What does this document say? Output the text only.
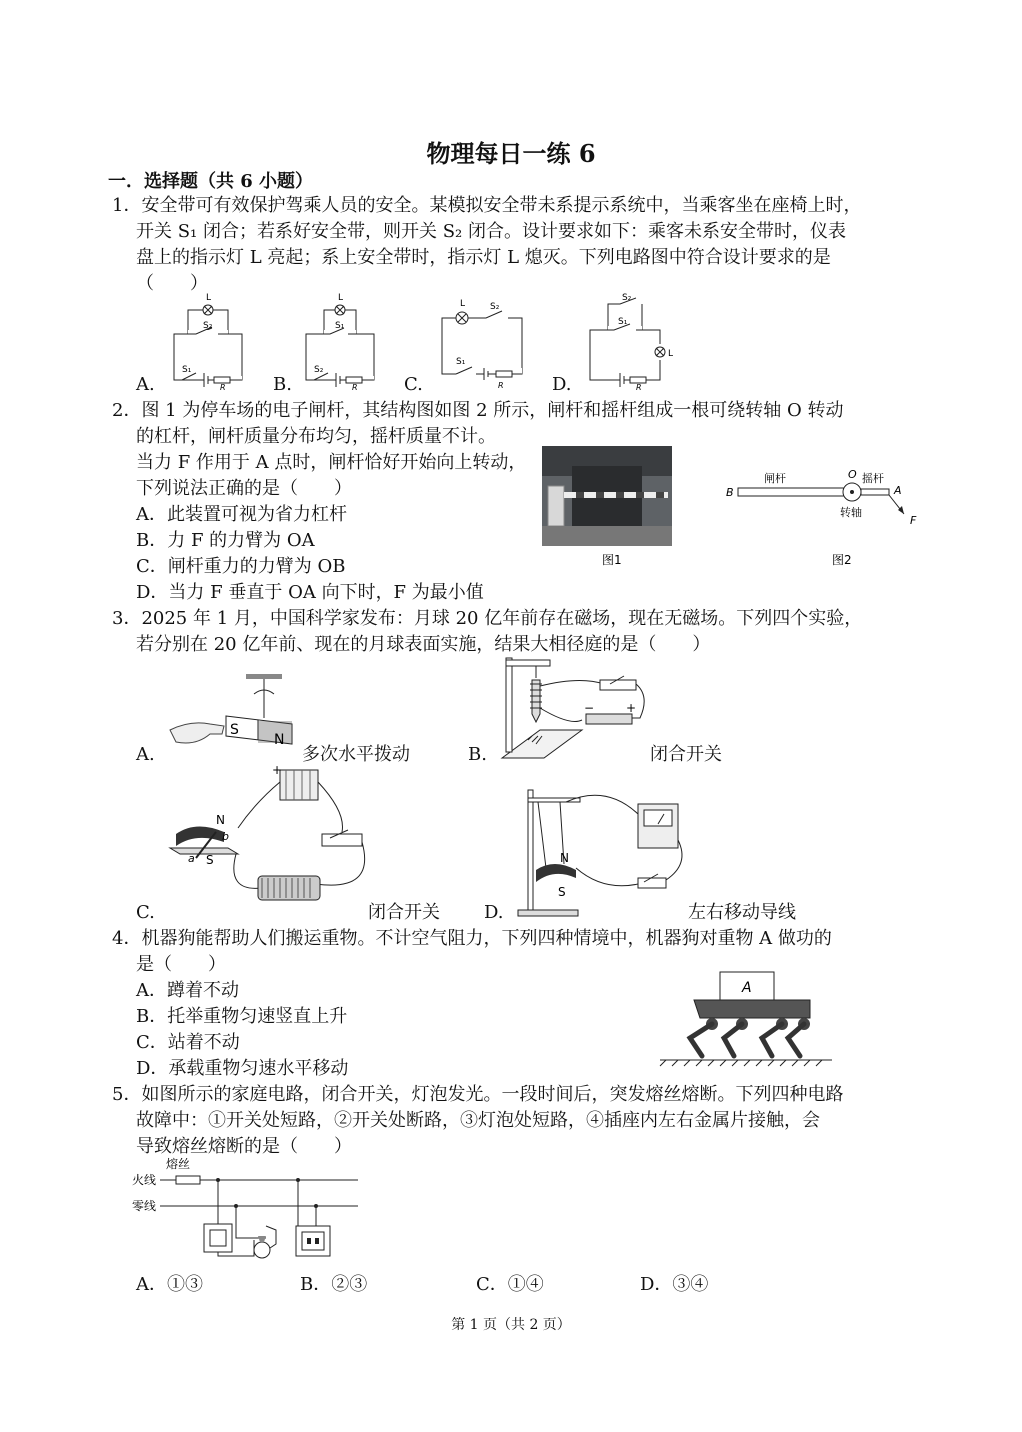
物理每日一练 6
一．选择题（共 6 小题）
1．安全带可有效保护驾乘人员的安全。某模拟安全带未系提示系统中，当乘客坐在座椅上时，
开关 S₁ 闭合；若系好安全带，则开关 S₂ 闭合。设计要求如下：乘客未系安全带时，仪表
盘上的指示灯 L 亮起；系上安全带时，指示灯 L 熄灭。下列电路图中符合设计要求的是
（　　）
L
S₂
S₁
R
A.
L
S₁
S₂
R
B.
L	S₂
S₁
R
C.
S₂
S₁
L
R
D.
2．图 1 为停车场的电子闸杆，其结构图如图 2 所示，闸杆和摇杆组成一根可绕转轴 O 转动
的杠杆，闸杆质量分布均匀，摇杆质量不计。
当力 F 作用于 A 点时，闸杆恰好开始向上转动，
下列说法正确的是（　　）
A．此装置可视为省力杠杆
B．力 F 的力臂为 OA
C．闸杆重力的力臂为 OB
D．当力 F 垂直于 OA 向下时，F 为最小值
图1
B
闸杆	O 摇杆
A
转轴
F
图2
3．2025 年 1 月，中国科学家发布：月球 20 亿年前存在磁场，现在无磁场。下列四个实验，
若分别在 20 亿年前、现在的月球表面实施，结果大相径庭的是（　　）
S
N
A.	多次水平拨动
+
−
B.	闭合开关
+
N
S
a
b
C.	闭合开关
N
S
D.	左右移动导线
4．机器狗能帮助人们搬运重物。不计空气阻力，下列四种情境中，机器狗对重物 A 做功的
是（　　）
A．蹲着不动
B．托举重物匀速竖直上升
C．站着不动
D．承载重物匀速水平移动
A
5．如图所示的家庭电路，闭合开关，灯泡发光。一段时间后，突发熔丝熔断。下列四种电路
故障中：①开关处短路，②开关处断路，③灯泡处短路，④插座内左右金属片接触，会
导致熔丝熔断的是（　　）
熔丝
火线
零线
A．①③	B．②③	C．①④	D．③④
第 1 页（共 2 页）
